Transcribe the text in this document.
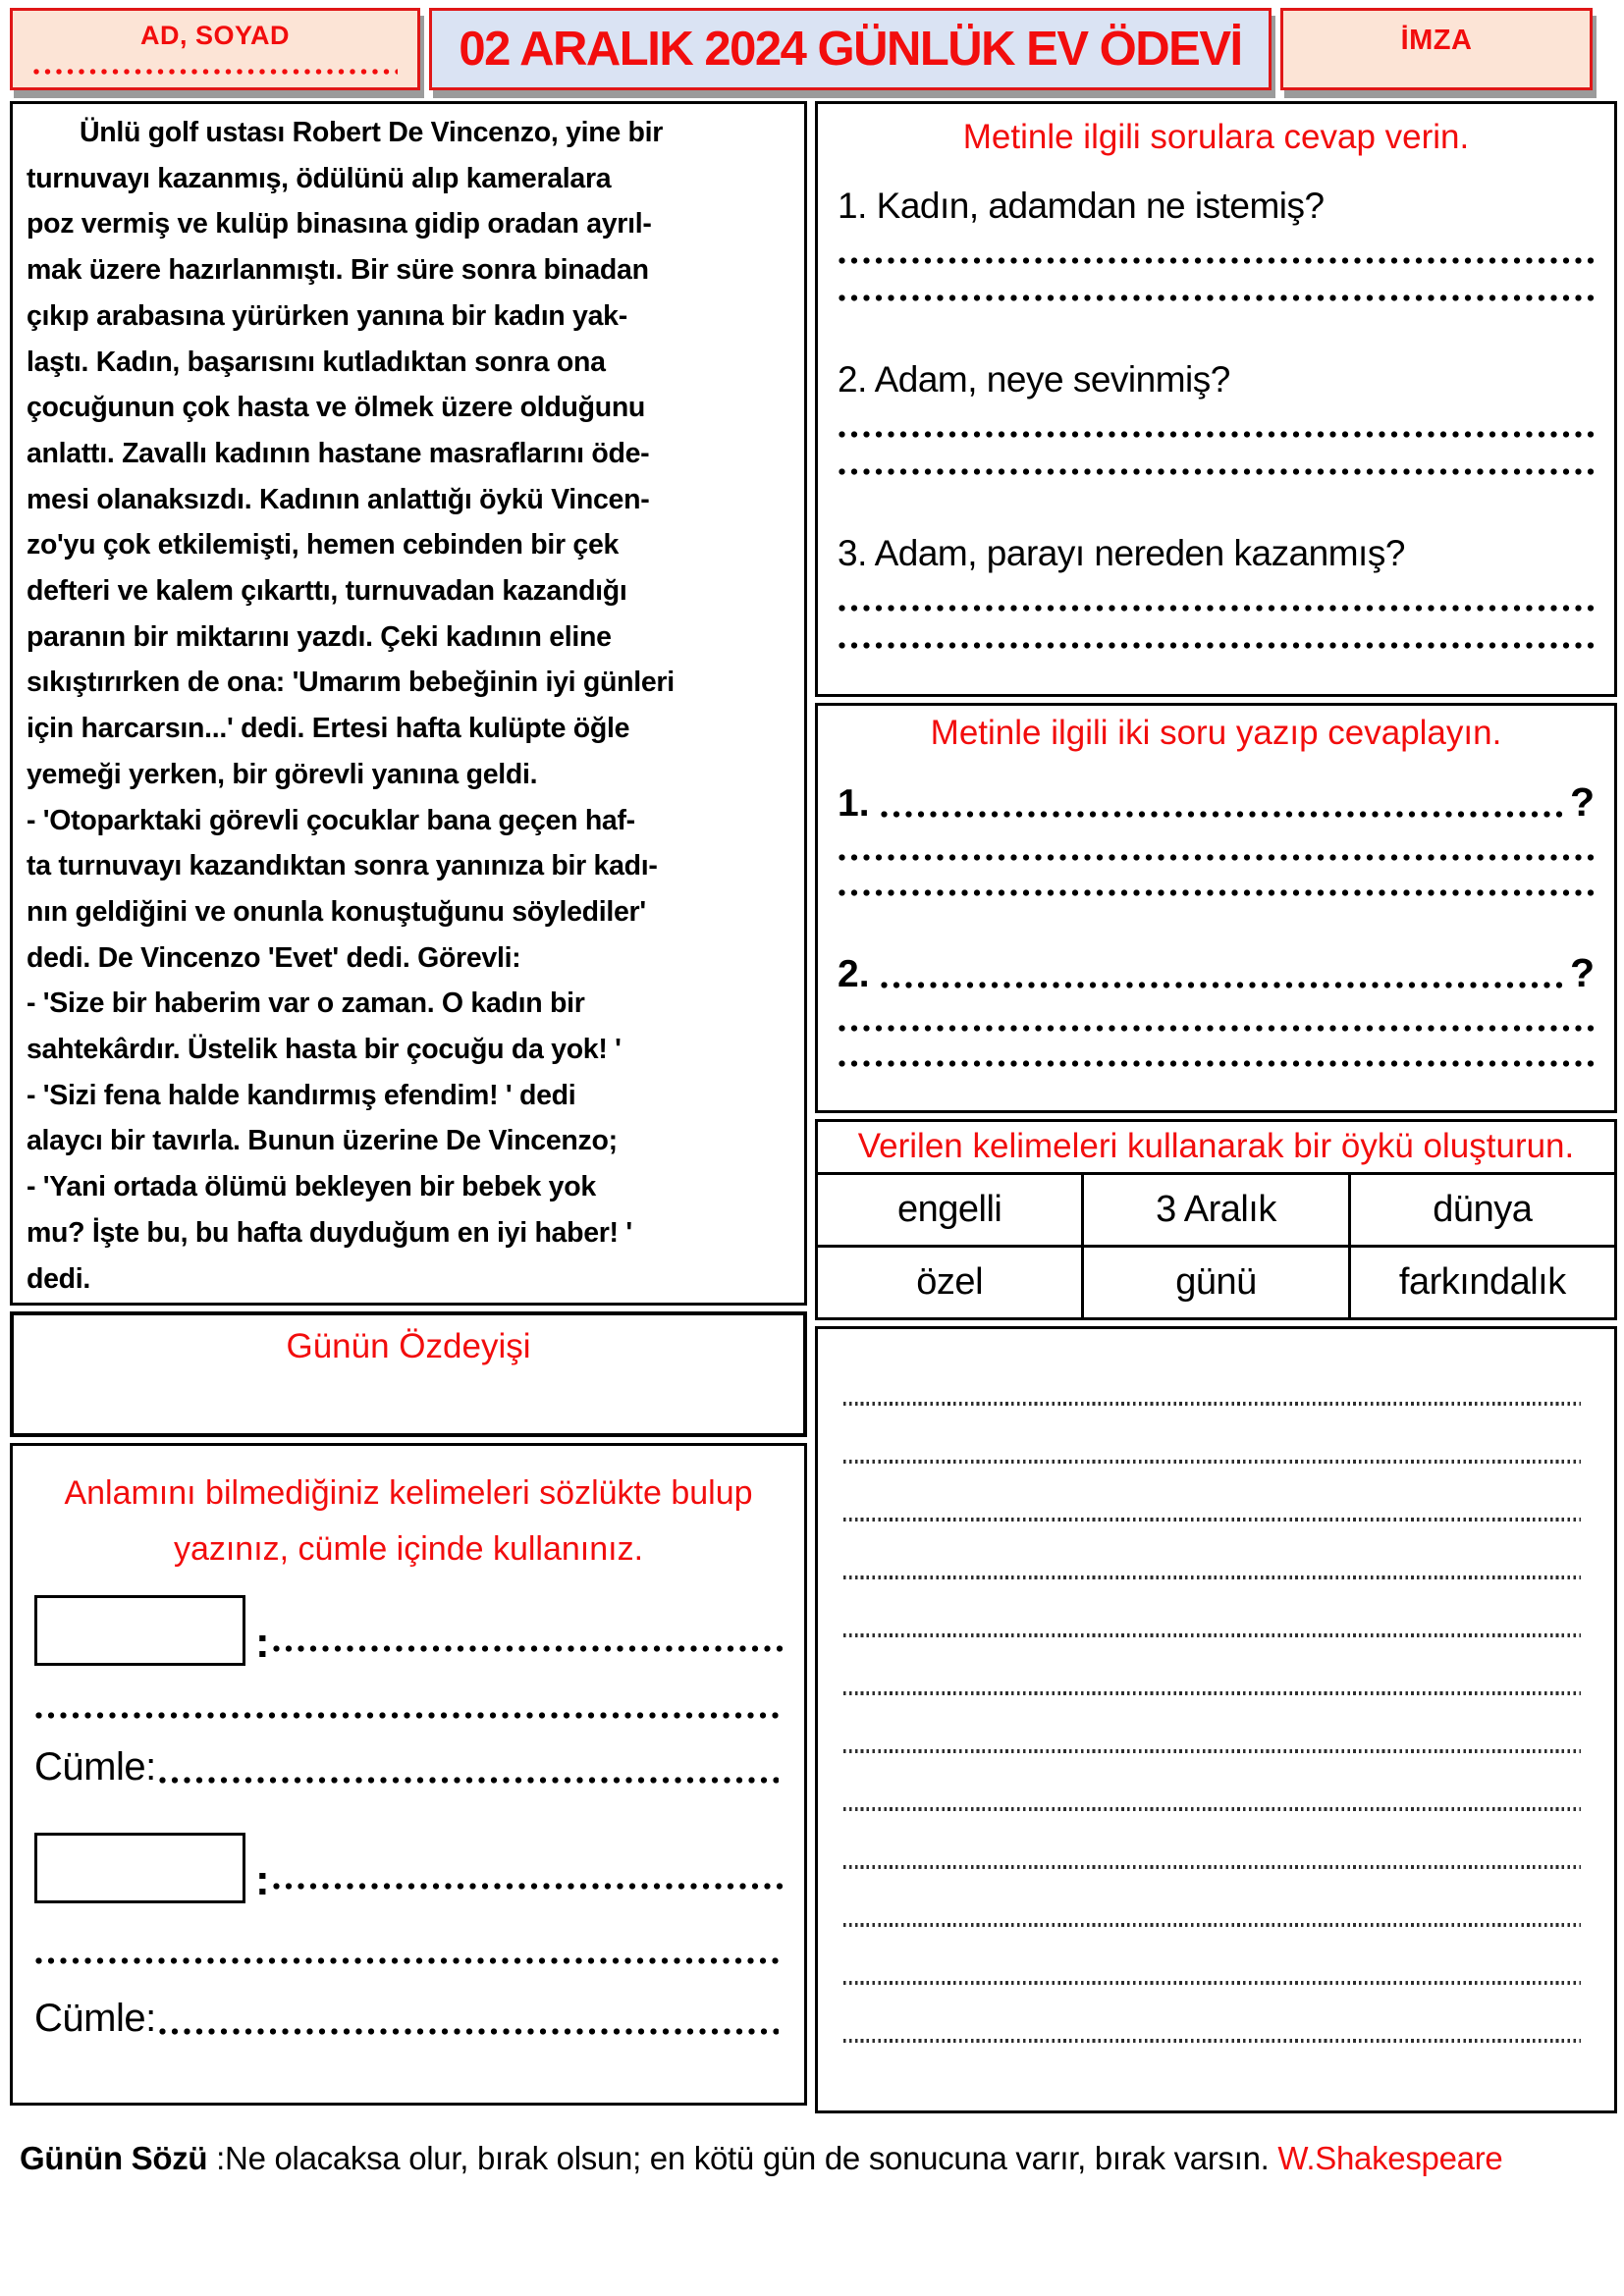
AD, SOYAD	02 ARALIK 2024 GÜNLÜK EV ÖDEVİ	İMZA
Ünlü golf ustası Robert De Vincenzo, yine bir
turnuvayı kazanmış, ödülünü alıp kameralara
poz vermiş ve kulüp binasına gidip oradan ayrıl-
mak üzere hazırlanmıştı. Bir süre sonra binadan
çıkıp arabasına yürürken yanına bir kadın yak-
laştı. Kadın, başarısını kutladıktan sonra ona
çocuğunun çok hasta ve ölmek üzere olduğunu
anlattı. Zavallı kadının hastane masraflarını öde-
mesi olanaksızdı. Kadının anlattığı öykü Vincen-
zo'yu çok etkilemişti, hemen cebinden bir çek
defteri ve kalem çıkarttı, turnuvadan kazandığı
paranın bir miktarını yazdı. Çeki kadının eline
sıkıştırırken de ona: 'Umarım bebeğinin iyi günleri
için harcarsın...' dedi. Ertesi hafta kulüpte öğle
yemeği yerken, bir görevli yanına geldi.
- 'Otoparktaki görevli çocuklar bana geçen haf-
ta turnuvayı kazandıktan sonra yanınıza bir kadı-
nın geldiğini ve onunla konuştuğunu söylediler'
dedi. De Vincenzo 'Evet' dedi. Görevli:
- 'Size bir haberim var o zaman. O kadın bir
sahtekârdır. Üstelik hasta bir çocuğu da yok! '
- 'Sizi fena halde kandırmış efendim! ' dedi
alaycı bir tavırla. Bunun üzerine De Vincenzo;
- 'Yani ortada ölümü bekleyen bir bebek yok
mu? İşte bu, bu hafta duyduğum en iyi haber! '
dedi.
Günün Özdeyişi
Anlamını bilmediğiniz kelimeleri sözlükte bulup
yazınız, cümle içinde kullanınız.
:
Cümle:
:
Cümle:
Metinle ilgili sorulara cevap verin.
1. Kadın, adamdan ne istemiş?
2. Adam, neye sevinmiş?
3. Adam, parayı nereden kazanmış?
Metinle ilgili iki soru yazıp cevaplayın.
1.	?
2.	?
Verilen kelimeleri kullanarak bir öykü oluşturun.
engelli	3 Aralık	dünya
özel	günü	farkındalık
Günün Sözü :Ne olacaksa olur, bırak olsun; en kötü gün de sonucuna varır, bırak varsın. W.Shakespeare
